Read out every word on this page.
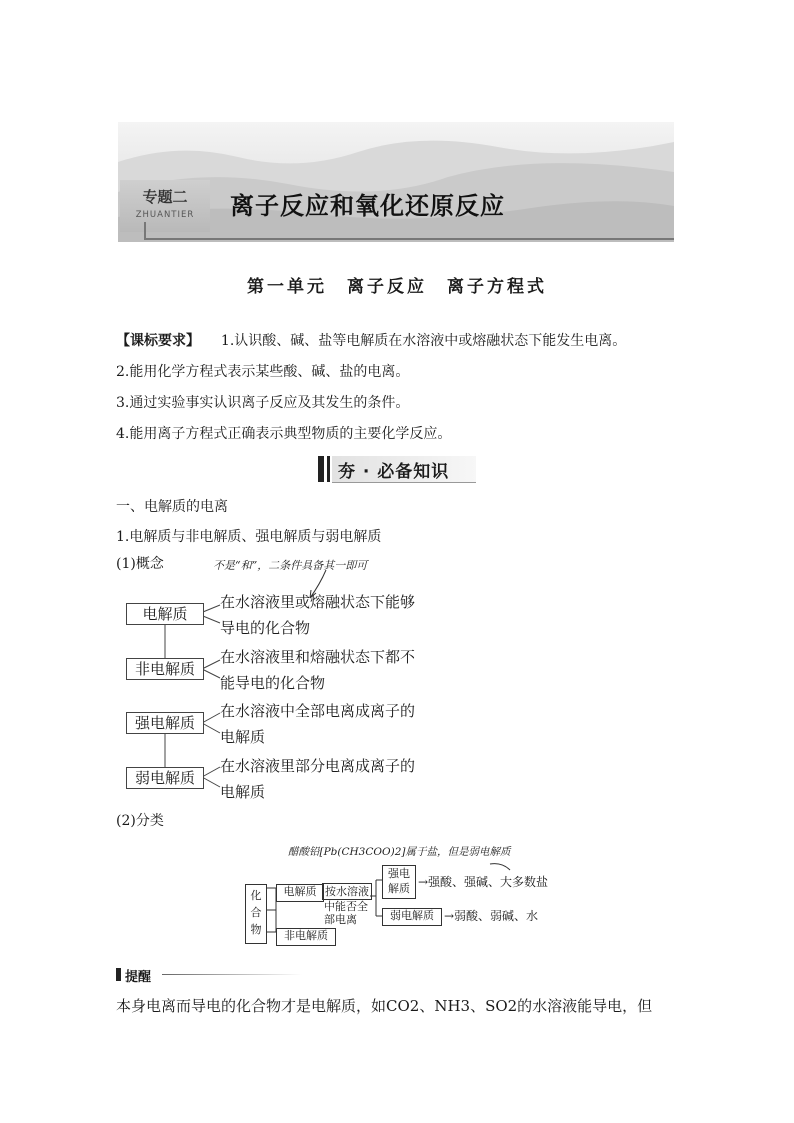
专题二
ZHUANTIER	离子反应和氧化还原反应
第一单元　离子反应　离子方程式
【课标要求】 1.认识酸、碱、盐等电解质在水溶液中或熔融状态下能发生电离。
2.能用化学方程式表示某些酸、碱、盐的电离。
3.通过实验事实认识离子反应及其发生的条件。
4.能用离子方程式正确表示典型物质的主要化学反应。
夯 · 必备知识
一、电解质的电离
1.电解质与非电解质、强电解质与弱电解质
(1)概念	不是“和”，二条件具备其一即可
电解质
在水溶液里或熔融状态下能够
导电的化合物
非电解质
在水溶液里和熔融状态下都不
能导电的化合物
强电解质
在水溶液中全部电离成离子的
电解质
弱电解质
在水溶液里部分电离成离子的
电解质
(2)分类
醋酸铅[Pb(CH3COO)2]属于盐，但是弱电解质
化合物
电解质
非电解质
按水溶液
中能否全
部电离
强电解质
弱电解质
→强酸、强碱、大多数盐
→弱酸、弱碱、水
提醒
本身电离而导电的化合物才是电解质，如CO2、NH3、SO2的水溶液能导电，但
